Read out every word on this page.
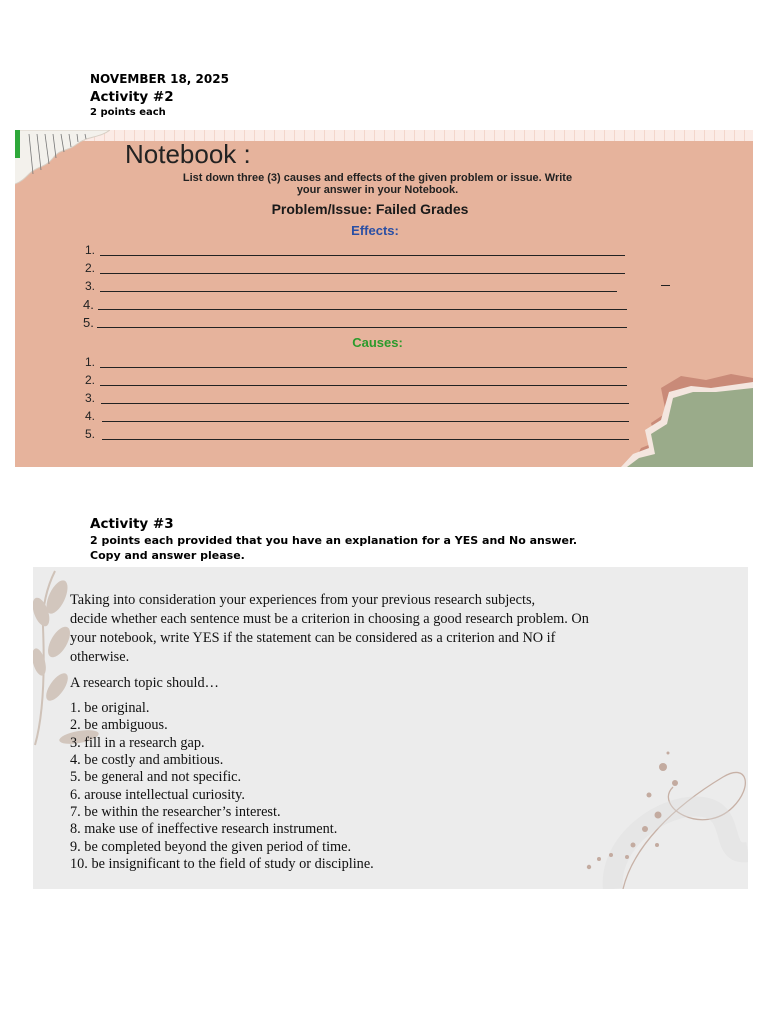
NOVEMBER 18, 2025
Activity #2
2 points each
Notebook :
List down three (3) causes and effects of the given problem or issue. Write
your answer in your Notebook.
Problem/Issue: Failed Grades
Effects:
Causes:
1.
2.
3.
4.
5.
1.
2.
3.
4.
5.
Activity #3
2 points each provided that you have an explanation for a YES and No answer.
Copy and answer please.
Taking into consideration your experiences from your previous research subjects,
decide whether each sentence must be a criterion in choosing a good research problem. On
your notebook, write YES if the statement can be considered as a criterion and NO if
otherwise.
A research topic should…
1. be original.
2. be ambiguous.
3. fill in a research gap.
4. be costly and ambitious.
5. be general and not specific.
6. arouse intellectual curiosity.
7. be within the researcher’s interest.
8. make use of ineffective research instrument.
9. be completed beyond the given period of time.
10. be insignificant to the field of study or discipline.
